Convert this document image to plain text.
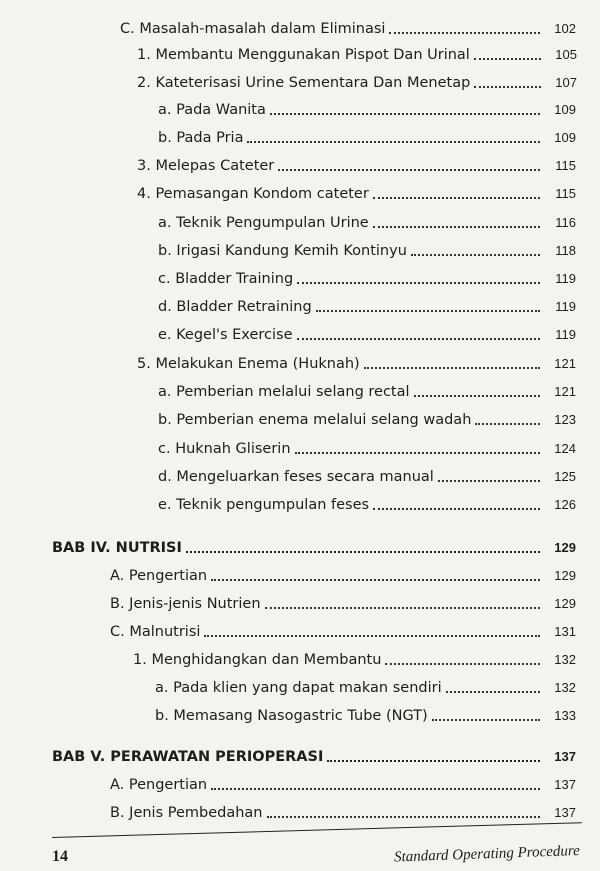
C. Masalah-masalah dalam Eliminasi	102
1. Membantu Menggunakan Pispot Dan Urinal	105
2. Kateterisasi Urine Sementara Dan Menetap	107
a. Pada Wanita	109
b. Pada Pria	109
3. Melepas Cateter	115
4. Pemasangan Kondom cateter	115
a. Teknik Pengumpulan Urine	116
b. Irigasi Kandung Kemih Kontinyu	118
c. Bladder Training	119
d. Bladder Retraining	119
e. Kegel's Exercise	119
5. Melakukan Enema (Huknah)	121
a. Pemberian melalui selang rectal	121
b. Pemberian enema melalui selang wadah	123
c. Huknah Gliserin	124
d. Mengeluarkan feses secara manual	125
e. Teknik pengumpulan feses	126
BAB IV. NUTRISI	129
A. Pengertian	129
B. Jenis-jenis Nutrien	129
C. Malnutrisi	131
1. Menghidangkan dan Membantu	132
a. Pada klien yang dapat makan sendiri	132
b. Memasang Nasogastric Tube (NGT)	133
BAB V. PERAWATAN PERIOPERASI	137
A. Pengertian	137
B. Jenis Pembedahan	137
14	Standard Operating Procedure
